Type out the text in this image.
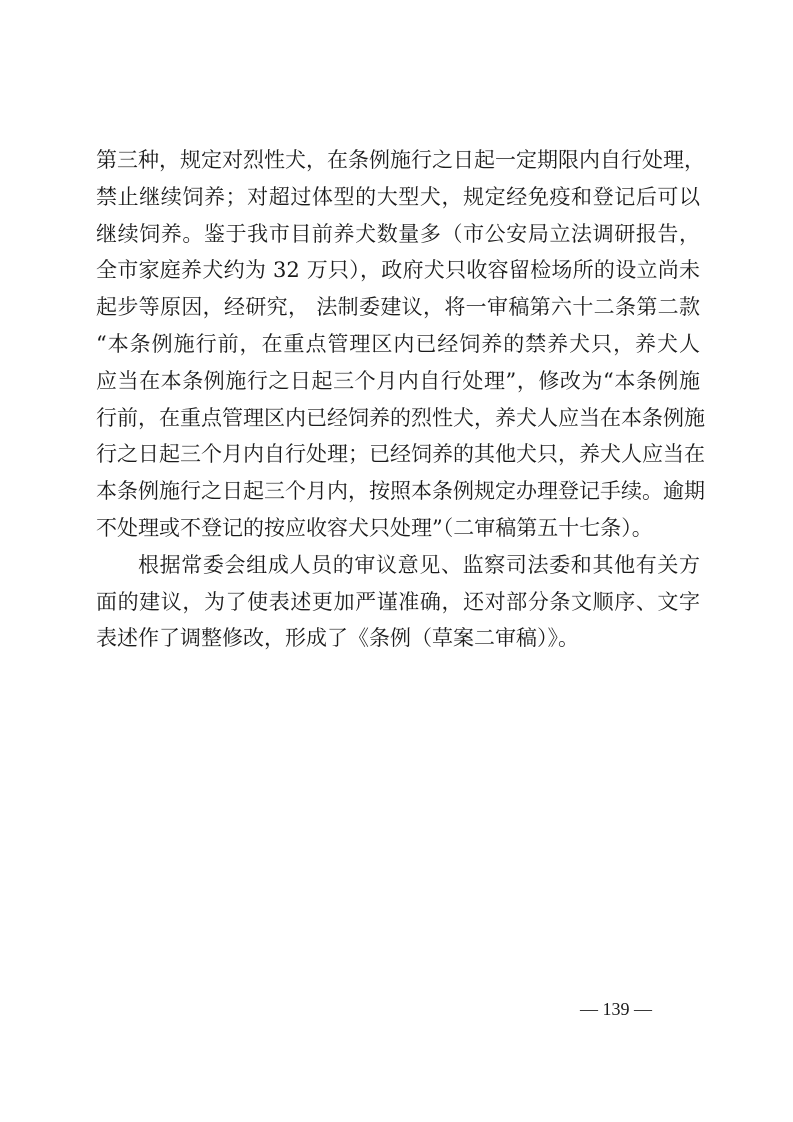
第三种，规定对烈性犬，在条例施行之日起一定期限内自行处理，
禁止继续饲养；对超过体型的大型犬，规定经免疫和登记后可以
继续饲养。鉴于我市目前养犬数量多（市公安局立法调研报告，
全市家庭养犬约为 32 万只），政府犬只收容留检场所的设立尚未
起步等原因，经研究， 法制委建议，将一审稿第六十二条第二款
“本条例施行前，在重点管理区内已经饲养的禁养犬只，养犬人
应当在本条例施行之日起三个月内自行处理”，修改为“本条例施
行前，在重点管理区内已经饲养的烈性犬，养犬人应当在本条例施
行之日起三个月内自行处理；已经饲养的其他犬只，养犬人应当在
本条例施行之日起三个月内，按照本条例规定办理登记手续。逾期
不处理或不登记的按应收容犬只处理”（二审稿第五十七条）。
根据常委会组成人员的审议意见、监察司法委和其他有关方
面的建议，为了使表述更加严谨准确，还对部分条文顺序、文字
表述作了调整修改，形成了《条例（草案二审稿）》。
— 139 —
